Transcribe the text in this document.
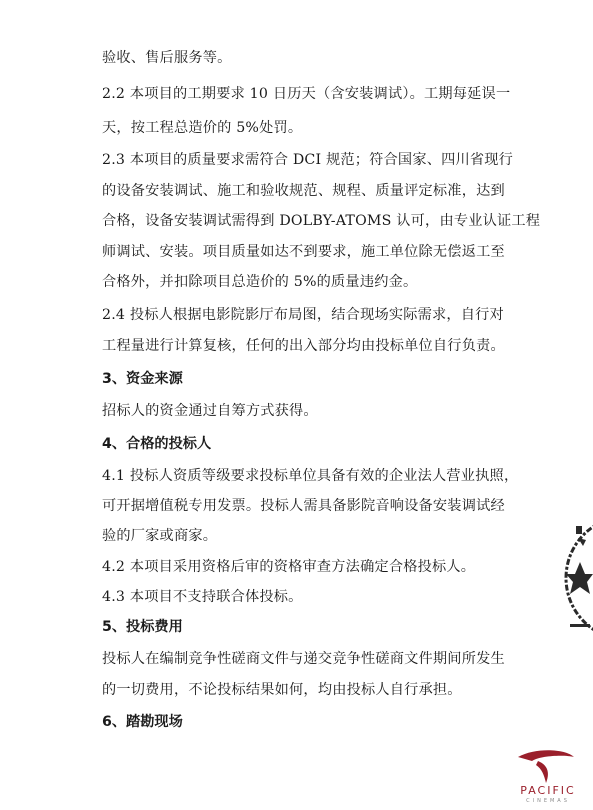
验收、售后服务等。
2.2 本项目的工期要求 10 日历天（含安装调试）。工期每延误一
天，按工程总造价的 5%处罚。
2.3 本项目的质量要求需符合 DCI 规范；符合国家、四川省现行
的设备安装调试、施工和验收规范、规程、质量评定标准，达到
合格，设备安装调试需得到 DOLBY-ATOMS 认可，由专业认证工程
师调试、安装。项目质量如达不到要求，施工单位除无偿返工至
合格外，并扣除项目总造价的 5%的质量违约金。
2.4 投标人根据电影院影厅布局图，结合现场实际需求，自行对
工程量进行计算复核，任何的出入部分均由投标单位自行负责。
3、资金来源
招标人的资金通过自筹方式获得。
4、合格的投标人
4.1 投标人资质等级要求投标单位具备有效的企业法人营业执照，
可开据增值税专用发票。投标人需具备影院音响设备安装调试经
验的厂家或商家。
4.2 本项目采用资格后审的资格审查方法确定合格投标人。
4.3 本项目不支持联合体投标。
5、投标费用
投标人在编制竞争性磋商文件与递交竞争性磋商文件期间所发生
的一切费用，不论投标结果如何，均由投标人自行承担。
6、踏勘现场
PACIFIC
CINEMAS
